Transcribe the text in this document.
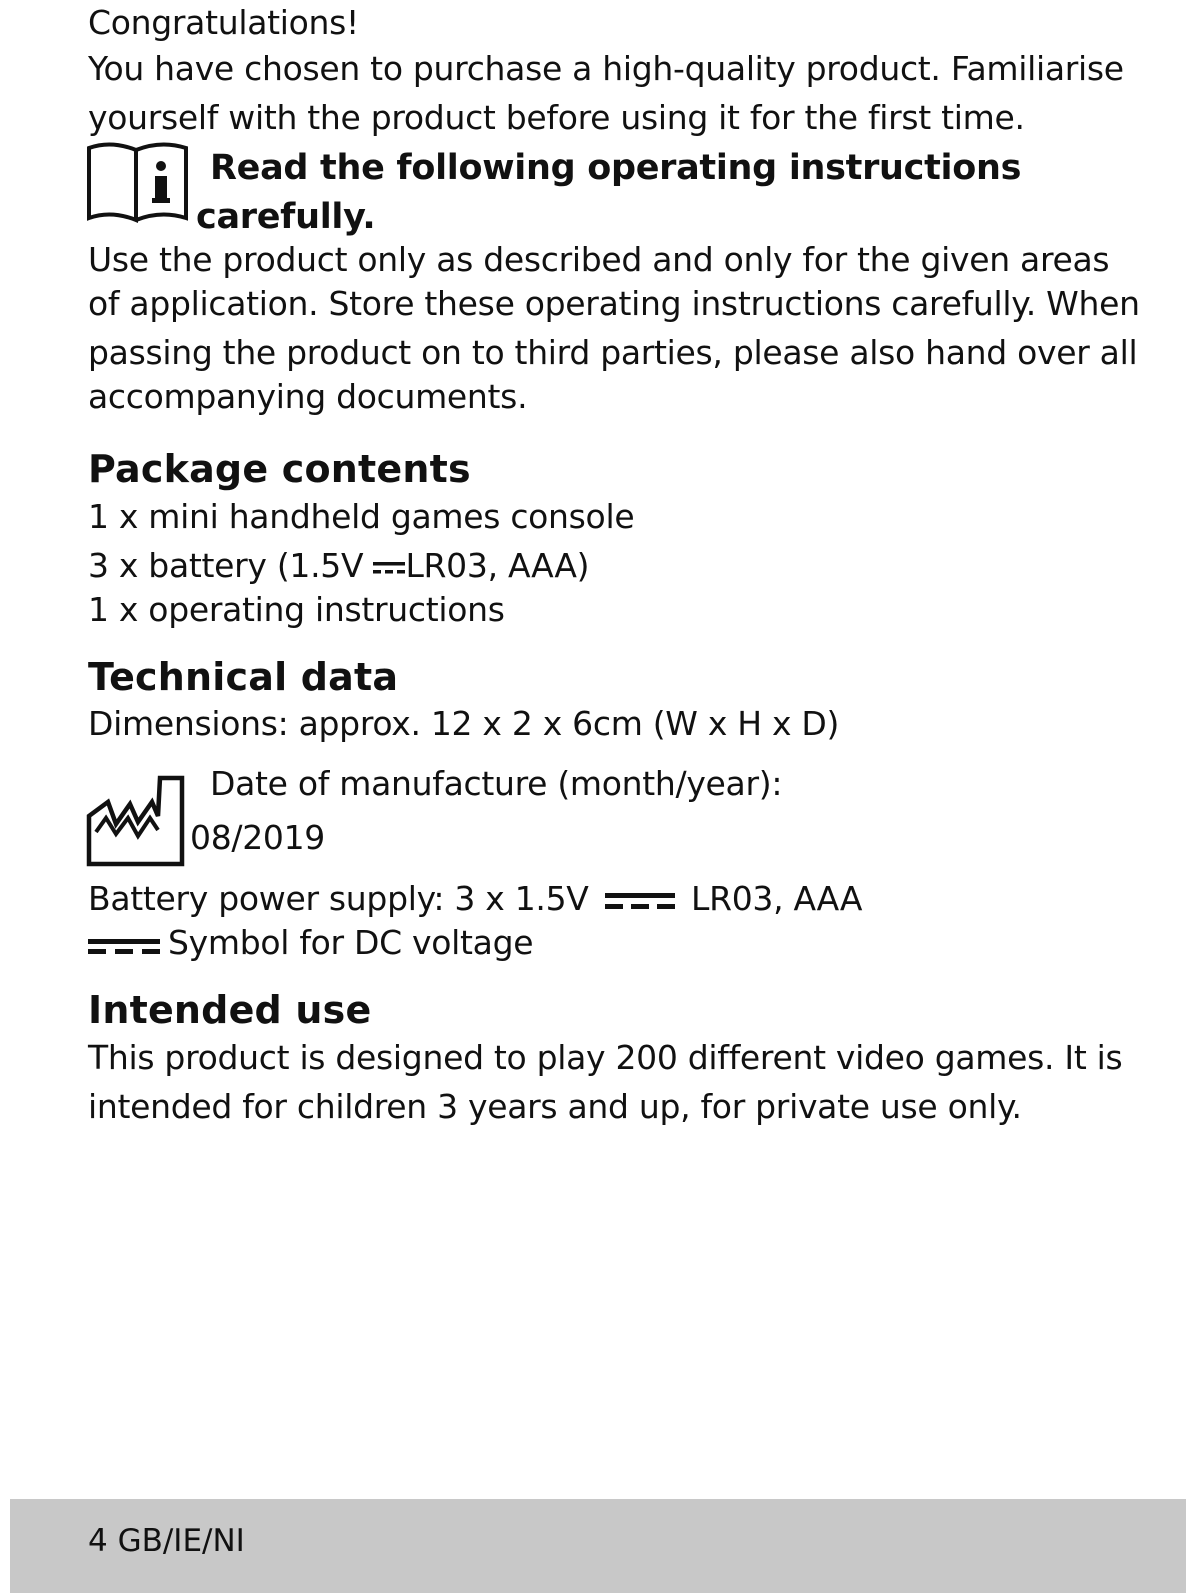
Congratulations!
You have chosen to purchase a high-quality product. Familiarise
yourself with the product before using it for the first time.
Read the following operating instructions
carefully.
Use the product only as described and only for the given areas
of application. Store these operating instructions carefully. When
passing the product on to third parties, please also hand over all
accompanying documents.
Package contents
1 x mini handheld games console
3 x battery (1.5V LR03, AAA)
1 x operating instructions
Technical data
Dimensions: approx. 12 x 2 x 6cm (W x H x D)
Date of manufacture (month/year):
08/2019
Battery power supply: 3 x 1.5V	LR03, AAA
Symbol for DC voltage
Intended use
This product is designed to play 200 different video games. It is
intended for children 3 years and up, for private use only.
4 GB/IE/NI
